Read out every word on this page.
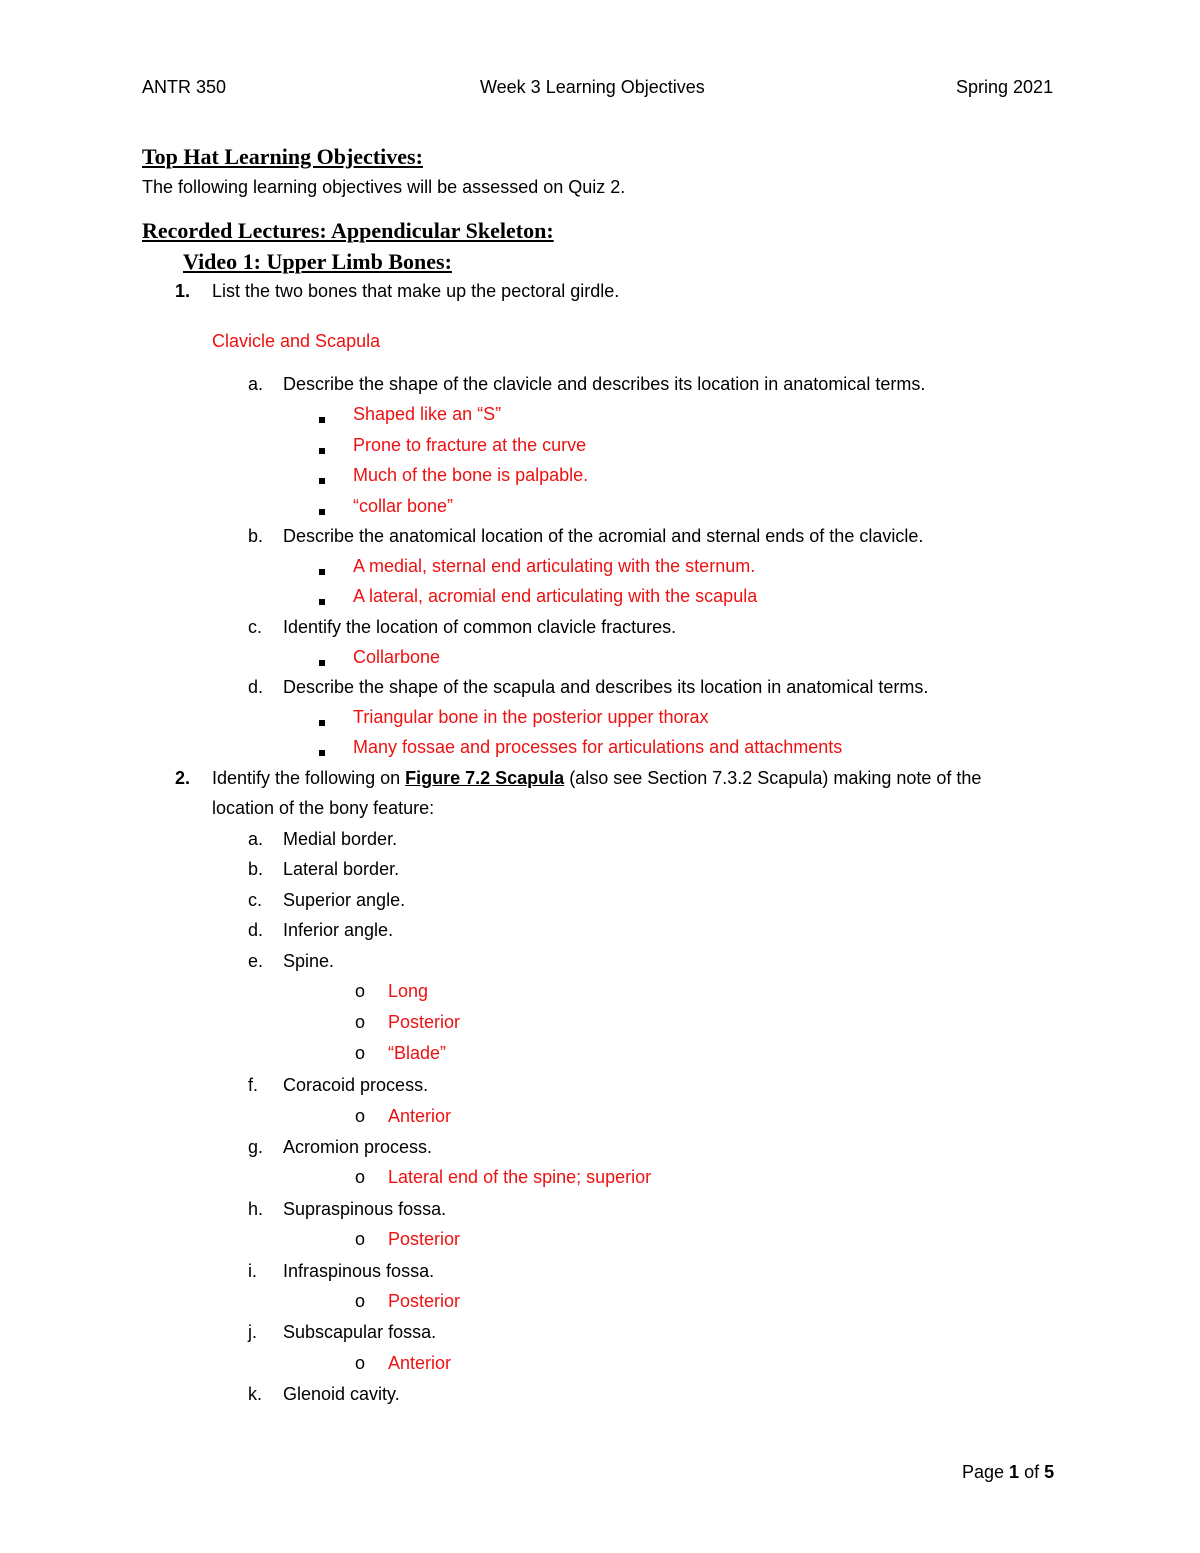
ANTR 350	Week 3 Learning Objectives	Spring 2021
Top Hat Learning Objectives:
The following learning objectives will be assessed on Quiz 2.
Recorded Lectures: Appendicular Skeleton:
Video 1: Upper Limb Bones:
1. List the two bones that make up the pectoral girdle.
Clavicle and Scapula
a. Describe the shape of the clavicle and describes its location in anatomical terms.
Shaped like an “S”
Prone to fracture at the curve
Much of the bone is palpable.
“collar bone”
b. Describe the anatomical location of the acromial and sternal ends of the clavicle.
A medial, sternal end articulating with the sternum.
A lateral, acromial end articulating with the scapula
c. Identify the location of common clavicle fractures.
Collarbone
d. Describe the shape of the scapula and describes its location in anatomical terms.
Triangular bone in the posterior upper thorax
Many fossae and processes for articulations and attachments
2. Identify the following on Figure 7.2 Scapula (also see Section 7.3.2 Scapula) making note of the
location of the bony feature:
a. Medial border.
b. Lateral border.
c. Superior angle.
d. Inferior angle.
e. Spine.
o Long
o Posterior
o “Blade”
f. Coracoid process.
o Anterior
g. Acromion process.
o Lateral end of the spine; superior
h. Supraspinous fossa.
o Posterior
i. Infraspinous fossa.
o Posterior
j. Subscapular fossa.
o Anterior
k. Glenoid cavity.
Page 1 of 5
